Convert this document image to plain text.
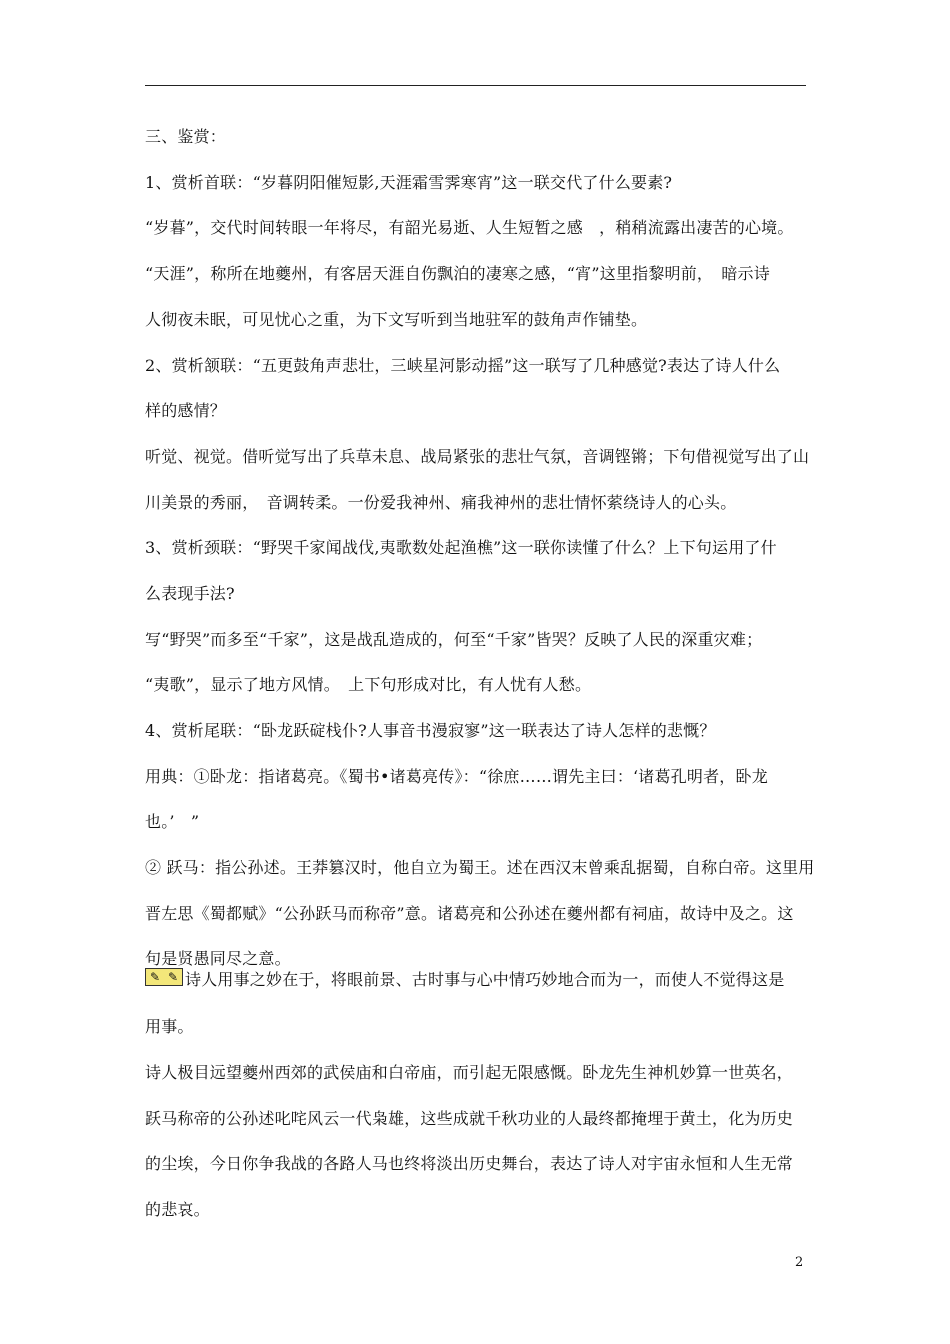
三、鉴赏：
1、赏析首联：“岁暮阴阳催短影,天涯霜雪霁寒宵”这一联交代了什么要素?
“岁暮”，交代时间转眼一年将尽，有韶光易逝、人生短暂之感　，稍稍流露出凄苦的心境。
“天涯”，称所在地夔州，有客居天涯自伤飘泊的凄寒之感，“宵”这里指黎明前，　暗示诗
人彻夜未眠，可见忧心之重，为下文写听到当地驻军的鼓角声作铺垫。
2、赏析颔联：“五更鼓角声悲壮，三峡星河影动摇”这一联写了几种感觉?表达了诗人什么
样的感情？
听觉、视觉。借听觉写出了兵草未息、战局紧张的悲壮气氛，音调铿锵；下句借视觉写出了山
川美景的秀丽，　音调转柔。一份爱我神州、痛我神州的悲壮情怀萦绕诗人的心头。
3、赏析颈联：“野哭千家闻战伐,夷歌数处起渔樵”这一联你读懂了什么？上下句运用了什
么表现手法?
写“野哭”而多至“千家”，这是战乱造成的，何至“千家”皆哭？反映了人民的深重灾难；
“夷歌”，显示了地方风情。　上下句形成对比，有人忧有人愁。
4、赏析尾联：“卧龙跃碇栈仆?人事音书漫寂寥”这一联表达了诗人怎样的悲慨？
用典：①卧龙：指诸葛亮。《蜀书•诸葛亮传》：“徐庶……谓先主曰：‘诸葛孔明者，卧龙
也。’　”
② 跃马：指公孙述。王莽篡汉时，他自立为蜀王。述在西汉末曾乘乱据蜀，自称白帝。这里用
晋左思《蜀都赋》“公孙跃马而称帝”意。诸葛亮和公孙述在夔州都有祠庙，故诗中及之。这
句是贤愚同尽之意。
✎ ✎ 诗人用事之妙在于，将眼前景、古时事与心中情巧妙地合而为一，而使人不觉得这是
用事。
诗人极目远望夔州西郊的武侯庙和白帝庙，而引起无限感慨。卧龙先生神机妙算一世英名，
跃马称帝的公孙述叱咤风云一代枭雄，这些成就千秋功业的人最终都掩埋于黄土，化为历史
的尘埃，今日你争我战的各路人马也终将淡出历史舞台，表达了诗人对宇宙永恒和人生无常
的悲哀。
2
